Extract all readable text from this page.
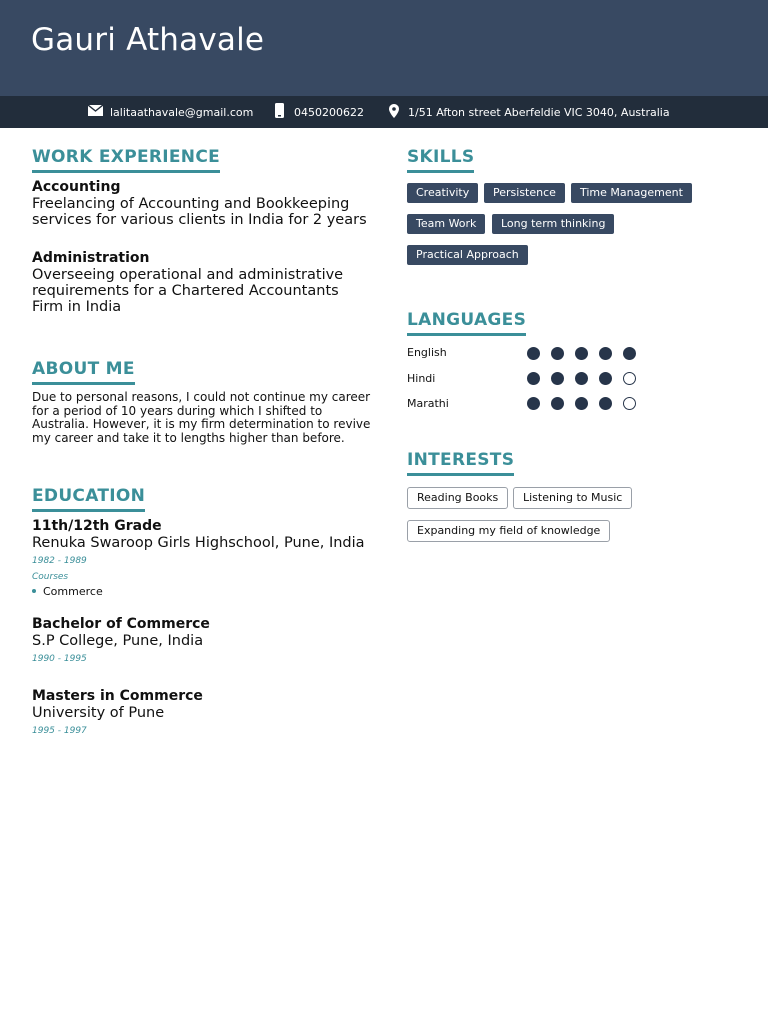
Gauri Athavale
lalitaathavale@gmail.com	0450200622	1/51 Afton street Aberfeldie VIC 3040, Australia
WORK EXPERIENCE
Accounting
Freelancing of Accounting and Bookkeeping
services for various clients in India for 2 years
Administration
Overseeing operational and administrative
requirements for a Chartered Accountants
Firm in India
ABOUT ME
Due to personal reasons, I could not continue my career
for a period of 10 years during which I shifted to
Australia. However, it is my firm determination to revive
my career and take it to lengths higher than before.
EDUCATION
11th/12th Grade
Renuka Swaroop Girls Highschool, Pune, India
1982 - 1989
Courses
Commerce
Bachelor of Commerce
S.P College, Pune, India
1990 - 1995
Masters in Commerce
University of Pune
1995 - 1997
SKILLS
Creativity	Persistence	Time Management
Team Work	Long term thinking
Practical Approach
LANGUAGES
English
Hindi
Marathi
INTERESTS
Reading Books	Listening to Music
Expanding my field of knowledge
